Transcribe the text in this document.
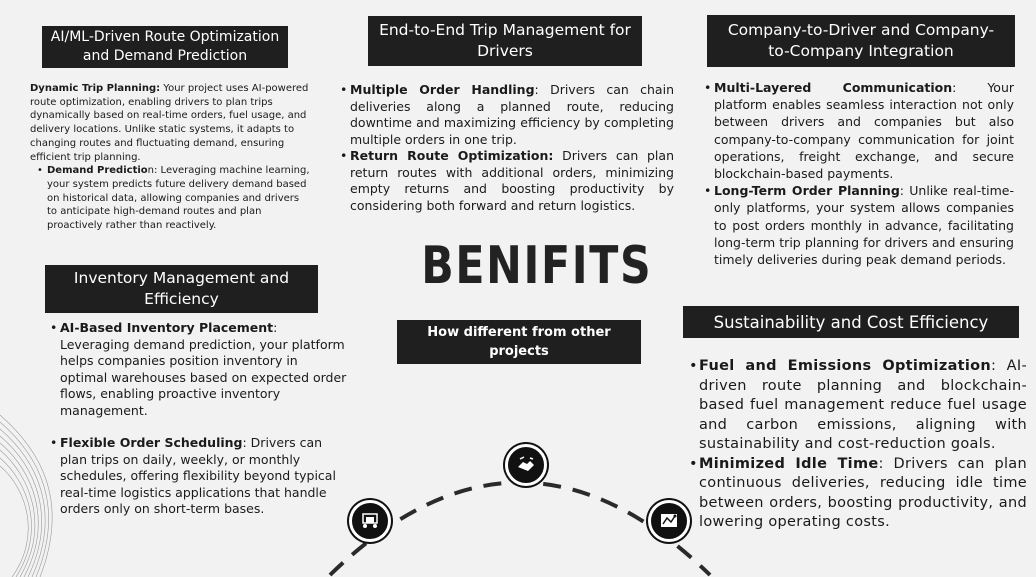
AI/ML-Driven Route Optimization
and Demand Prediction

Dynamic Trip Planning: Your project uses AI-powered route optimization, enabling drivers to plan trips dynamically based on real-time orders, fuel usage, and delivery locations. Unlike static systems, it adapts to changing routes and fluctuating demand, ensuring efficient trip planning.

• Demand Prediction: Leveraging machine learning, your system predicts future delivery demand based on historical data, allowing companies and drivers to anticipate high-demand routes and plan proactively rather than reactively.
End-to-End Trip Management for
Drivers
• Multiple Order Handling: Drivers can chain deliveries along a planned route, reducing downtime and maximizing efficiency by completing multiple orders in one trip.
• Return Route Optimization: Drivers can plan return routes with additional orders, minimizing empty returns and boosting productivity by considering both forward and return logistics.
Company-to-Driver and Company-
to-Company Integration
• Multi-Layered Communication: Your platform enables seamless interaction not only between drivers and companies but also company-to-company communication for joint operations, freight exchange, and secure blockchain-based payments.
• Long-Term Order Planning: Unlike real-time-only platforms, your system allows companies to post orders monthly in advance, facilitating long-term trip planning for drivers and ensuring timely deliveries during peak demand periods.
Inventory Management and
Efficiency
• AI-Based Inventory Placement: Leveraging demand prediction, your platform helps companies position inventory in optimal warehouses based on expected order flows, enabling proactive inventory management.
• Flexible Order Scheduling: Drivers can plan trips on daily, weekly, or monthly schedules, offering flexibility beyond typical real-time logistics applications that handle orders only on short-term bases.
BENIFITS
How different from other
projects
Sustainability and Cost Efficiency
• Fuel and Emissions Optimization: AI-driven route planning and blockchain-based fuel management reduce fuel usage and carbon emissions, aligning with sustainability and cost-reduction goals.
• Minimized Idle Time: Drivers can plan continuous deliveries, reducing idle time between orders, boosting productivity, and lowering operating costs.
